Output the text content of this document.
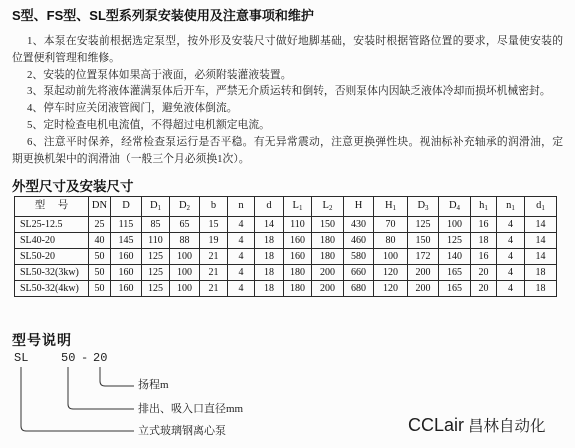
S型、FS型、SL型系列泵安装使用及注意事项和维护
1、本泵在安装前根据选定泵型，按外形及安装尺寸做好地脚基础，安装时根据管路位置的要求，尽量使安装的
位置便利管理和维修。
2、安装的位置泵体如果高于液面，必须附装灌液装置。
3、泵起动前先将液体灌满泵体后开车，严禁无介质运转和倒转，否则泵体内因缺乏液体冷却而损坏机械密封。
4、停车时应关闭液管阀门，避免液体倒流。
5、定时检查电机电流值，不得超过电机额定电流。
6、注意平时保养，经常检查泵运行是否平稳。有无异常震动，注意更换弹性块。视油标补充轴承的润滑油，定
期更换机架中的润滑油（一般三个月必须换1次）。
外型尺寸及安装尺寸
型 号	DN	D	$D_1$	$D_2$	b	n	d	$L_1$	$L_2$	H	$H_1$	$D_3$	$D_4$	$h_1$	$n_1$	$d_1$
SL25-12.5	25	115	85	65	15	4	14	110	150	430	70	125	100	16	4	14
SL40-20	40	145	110	88	19	4	18	160	180	460	80	150	125	18	4	14
SL50-20	50	160	125	100	21	4	18	160	180	580	100	172	140	16	4	14
SL50-32(3kw)	50	160	125	100	21	4	18	180	200	660	120	200	165	20	4	18
SL50-32(4kw)	50	160	125	100	21	4	18	180	200	680	120	200	165	20	4	18
型号说明
SL	50 - 20
扬程m
排出、吸入口直径mm
立式玻璃钢离心泵	CCLair 昌林自动化
